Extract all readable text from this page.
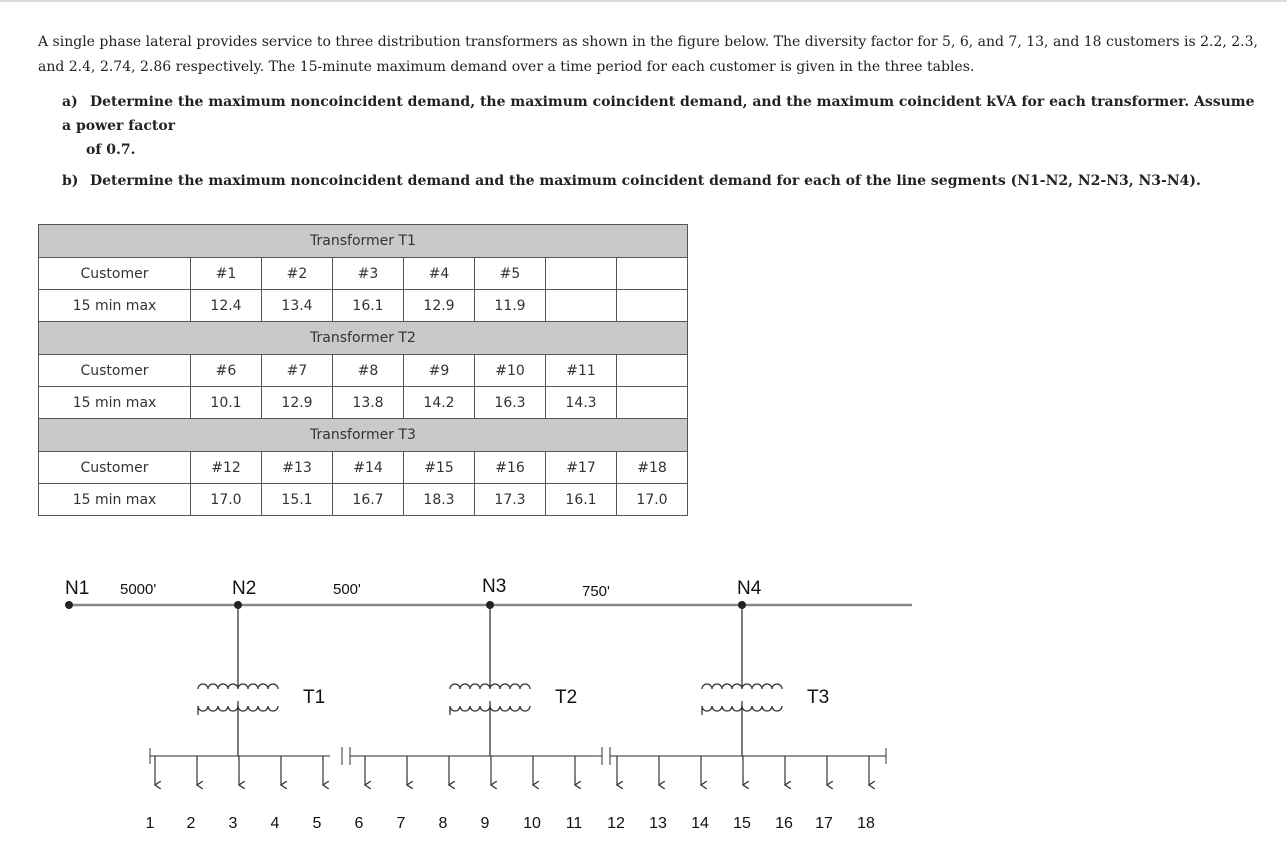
A single phase lateral provides service to three distribution transformers as shown in the figure below. The diversity factor for 5, 6, and 7, 13, and 18 customers is 2.2, 2.3, and 2.4, 2.74, 2.86 respectively. The 15-minute maximum demand over a time period for each customer is given in the three tables.
a) Determine the maximum noncoincident demand, the maximum coincident demand, and the maximum coincident kVA for each transformer. Assume a power factor
of 0.7.
b) Determine the maximum noncoincident demand and the maximum coincident demand for each of the line segments (N1-N2, N2-N3, N3-N4).
Transformer T1							
Customer	#1	#2	#3	#4	#5		
15 min max	12.4	13.4	16.1	12.9	11.9		
Transformer T2							
Customer	#6	#7	#8	#9	#10	#11	
15 min max	10.1	12.9	13.8	14.2	16.3	14.3	
Transformer T3							
Customer	#12	#13	#14	#15	#16	#17	#18
15 min max	17.0	15.1	16.7	18.3	17.3	16.1	17.0
N1	N2	N3	N4
5000'	500'	750'
T1	T2	T3
1 2 3 4 5 6 7 8 9 10 11 12 13 14 15 16 17 18
